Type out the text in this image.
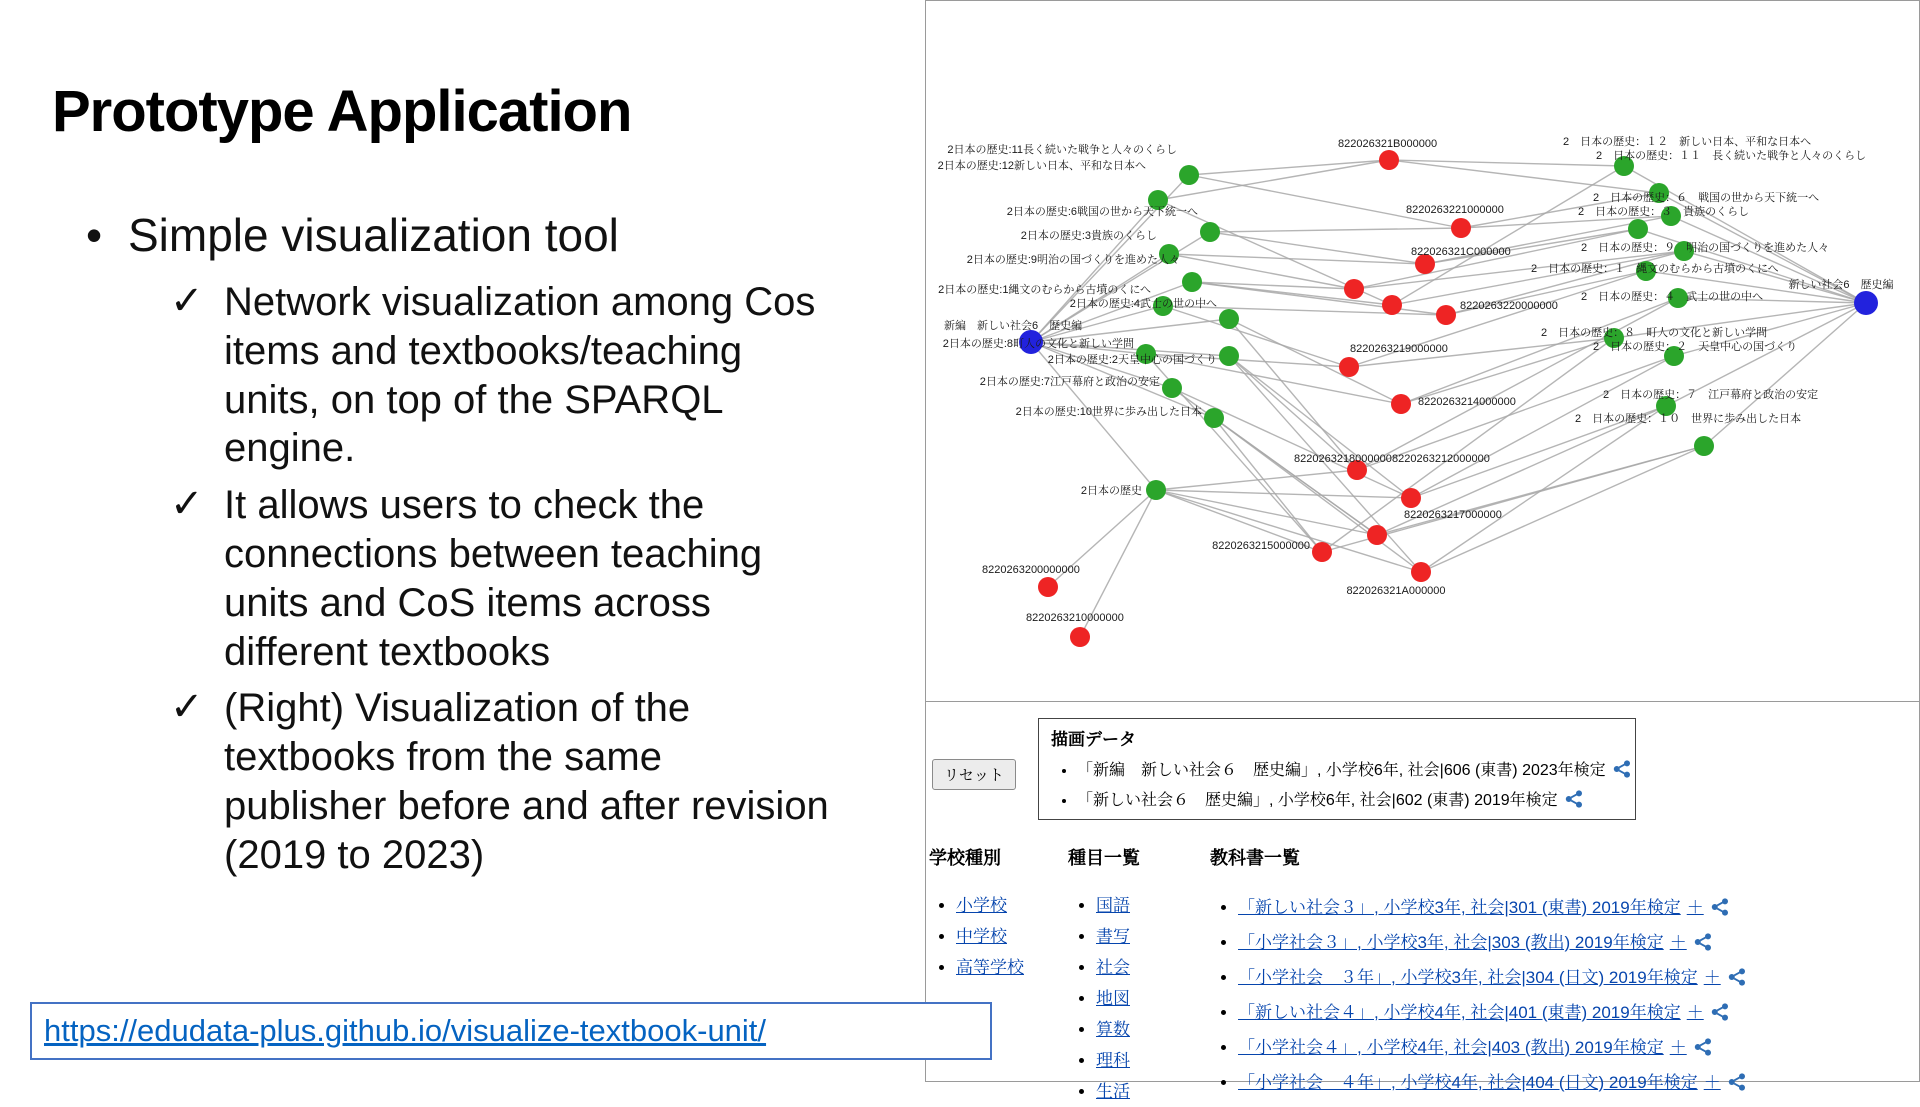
Prototype Application
• Simple visualization tool
✓ Network visualization among Cos items and textbooks/teaching units, on top of the SPARQL engine.
✓ It allows users to check the connections between teaching units and CoS items across different textbooks
✓ (Right) Visualization of the textbooks from the same publisher before and after revision (2019 to 2023)
https://edudata-plus.github.io/visualize-textbook-unit/
新編　新しい社会6　歴史編
2日本の歴史:11長く続いた戦争と人々のくらし
2日本の歴史:12新しい日本、平和な日本へ
2日本の歴史:6戦国の世から天下統一へ
2日本の歴史:3貴族のくらし
2日本の歴史:9明治の国づくりを進めた人々
2日本の歴史:1縄文のむらから古墳のくにへ
2日本の歴史:4武士の世の中へ
2日本の歴史:8町人の文化と新しい学問
2日本の歴史:2天皇中心の国づくり
2日本の歴史:7江戸幕府と政治の安定
2日本の歴史:10世界に歩み出した日本
2日本の歴史
822026321B000000
8220263221000000
822026321C000000
8220263220000000
8220263219000000
8220263214000000
8220263218000000 8220263212000000
8220263217000000
8220263215000000
822026321A000000
8220263200000000
8220263210000000
2　日本の歴史：１２　新しい日本、平和な日本へ
2　日本の歴史：１１　長く続いた戦争と人々のくらし
2　日本の歴史：６　戦国の世から天下統一へ
2　日本の歴史：３　貴族のくらし
2　日本の歴史：９　明治の国づくりを進めた人々
2　日本の歴史：１　縄文のむらから古墳のくにへ
2　日本の歴史：４　武士の世の中へ
2　日本の歴史：８　町人の文化と新しい学問
2　日本の歴史：２　天皇中心の国づくり
2　日本の歴史：７　江戸幕府と政治の安定
2　日本の歴史：１０　世界に歩み出した日本
新しい社会6　歴史編
リセット
描画データ
• 「新編　新しい社会６　歴史編」, 小学校6年, 社会|606 (東書) 2023年検定
• 「新しい社会６　歴史編」, 小学校6年, 社会|602 (東書) 2019年検定
学校種別	種目一覧	教科書一覧
• 小学校
• 中学校
• 高等学校
• 国語
• 書写
• 社会
• 地図
• 算数
• 理科
• 生活
• 「新しい社会３」, 小学校3年, 社会|301 (東書) 2019年検定 ＋
• 「小学社会３」, 小学校3年, 社会|303 (教出) 2019年検定 ＋
• 「小学社会　３年」, 小学校3年, 社会|304 (日文) 2019年検定 ＋
• 「新しい社会４」, 小学校4年, 社会|401 (東書) 2019年検定 ＋
• 「小学社会４」, 小学校4年, 社会|403 (教出) 2019年検定 ＋
• 「小学社会　４年」, 小学校4年, 社会|404 (日文) 2019年検定 ＋
